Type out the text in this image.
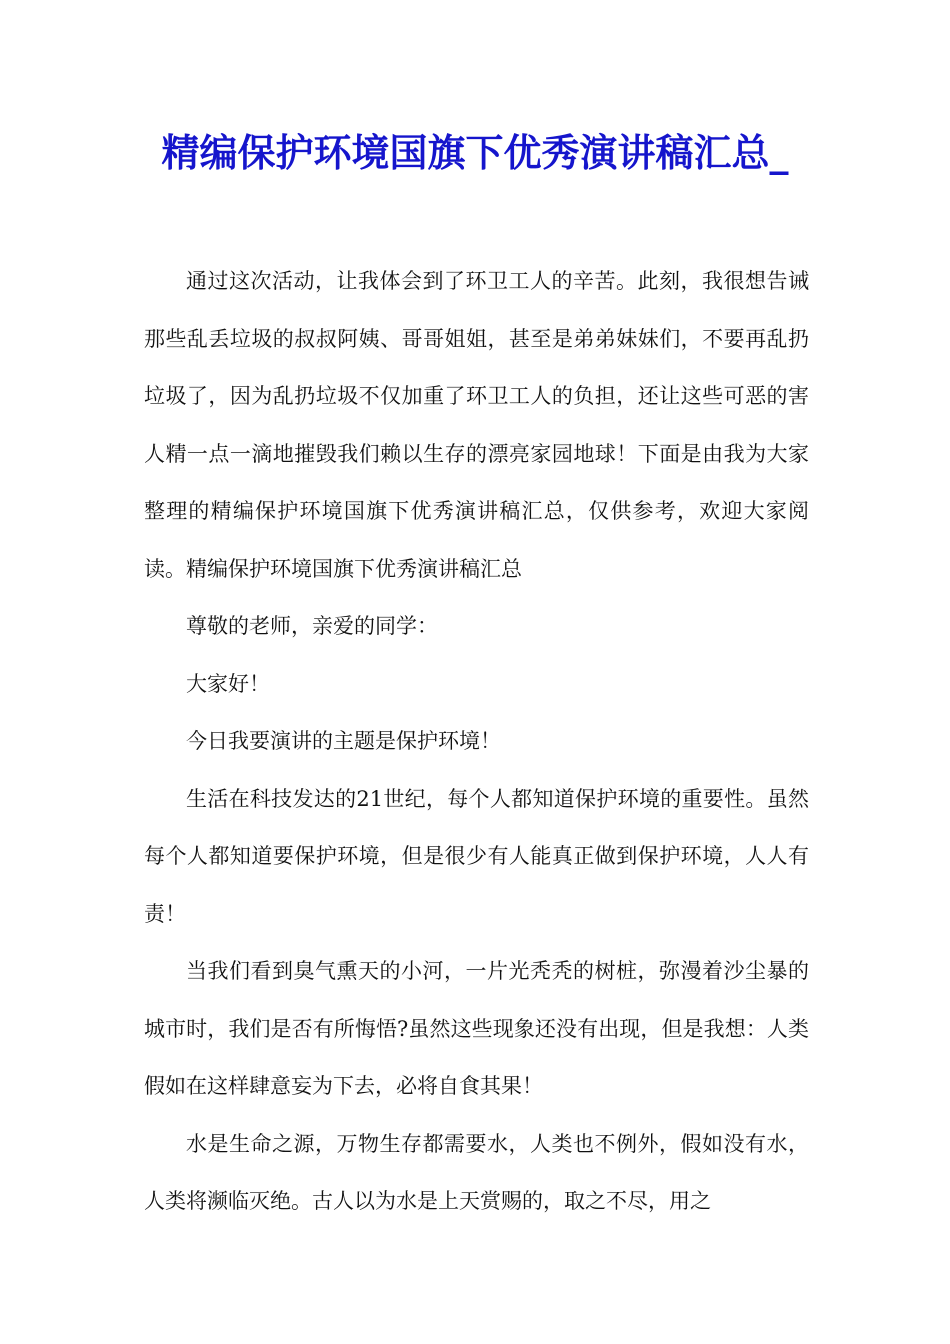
精编保护环境国旗下优秀演讲稿汇总_

通过这次活动，让我体会到了环卫工人的辛苦。此刻，我很想告诫那些乱丢垃圾的叔叔阿姨、哥哥姐姐，甚至是弟弟妹妹们，不要再乱扔垃圾了，因为乱扔垃圾不仅加重了环卫工人的负担，还让这些可恶的害人精一点一滴地摧毁我们赖以生存的漂亮家园地球！下面是由我为大家整理的精编保护环境国旗下优秀演讲稿汇总，仅供参考，欢迎大家阅读。精编保护环境国旗下优秀演讲稿汇总

尊敬的老师，亲爱的同学：

大家好！

今日我要演讲的主题是保护环境！

生活在科技发达的21世纪，每个人都知道保护环境的重要性。虽然每个人都知道要保护环境，但是很少有人能真正做到保护环境，人人有责！

当我们看到臭气熏天的小河，一片光秃秃的树桩，弥漫着沙尘暴的城市时，我们是否有所悔悟?虽然这些现象还没有出现，但是我想：人类假如在这样肆意妄为下去，必将自食其果！

水是生命之源，万物生存都需要水，人类也不例外，假如没有水，人类将濒临灭绝。古人以为水是上天赏赐的，取之不尽，用之
